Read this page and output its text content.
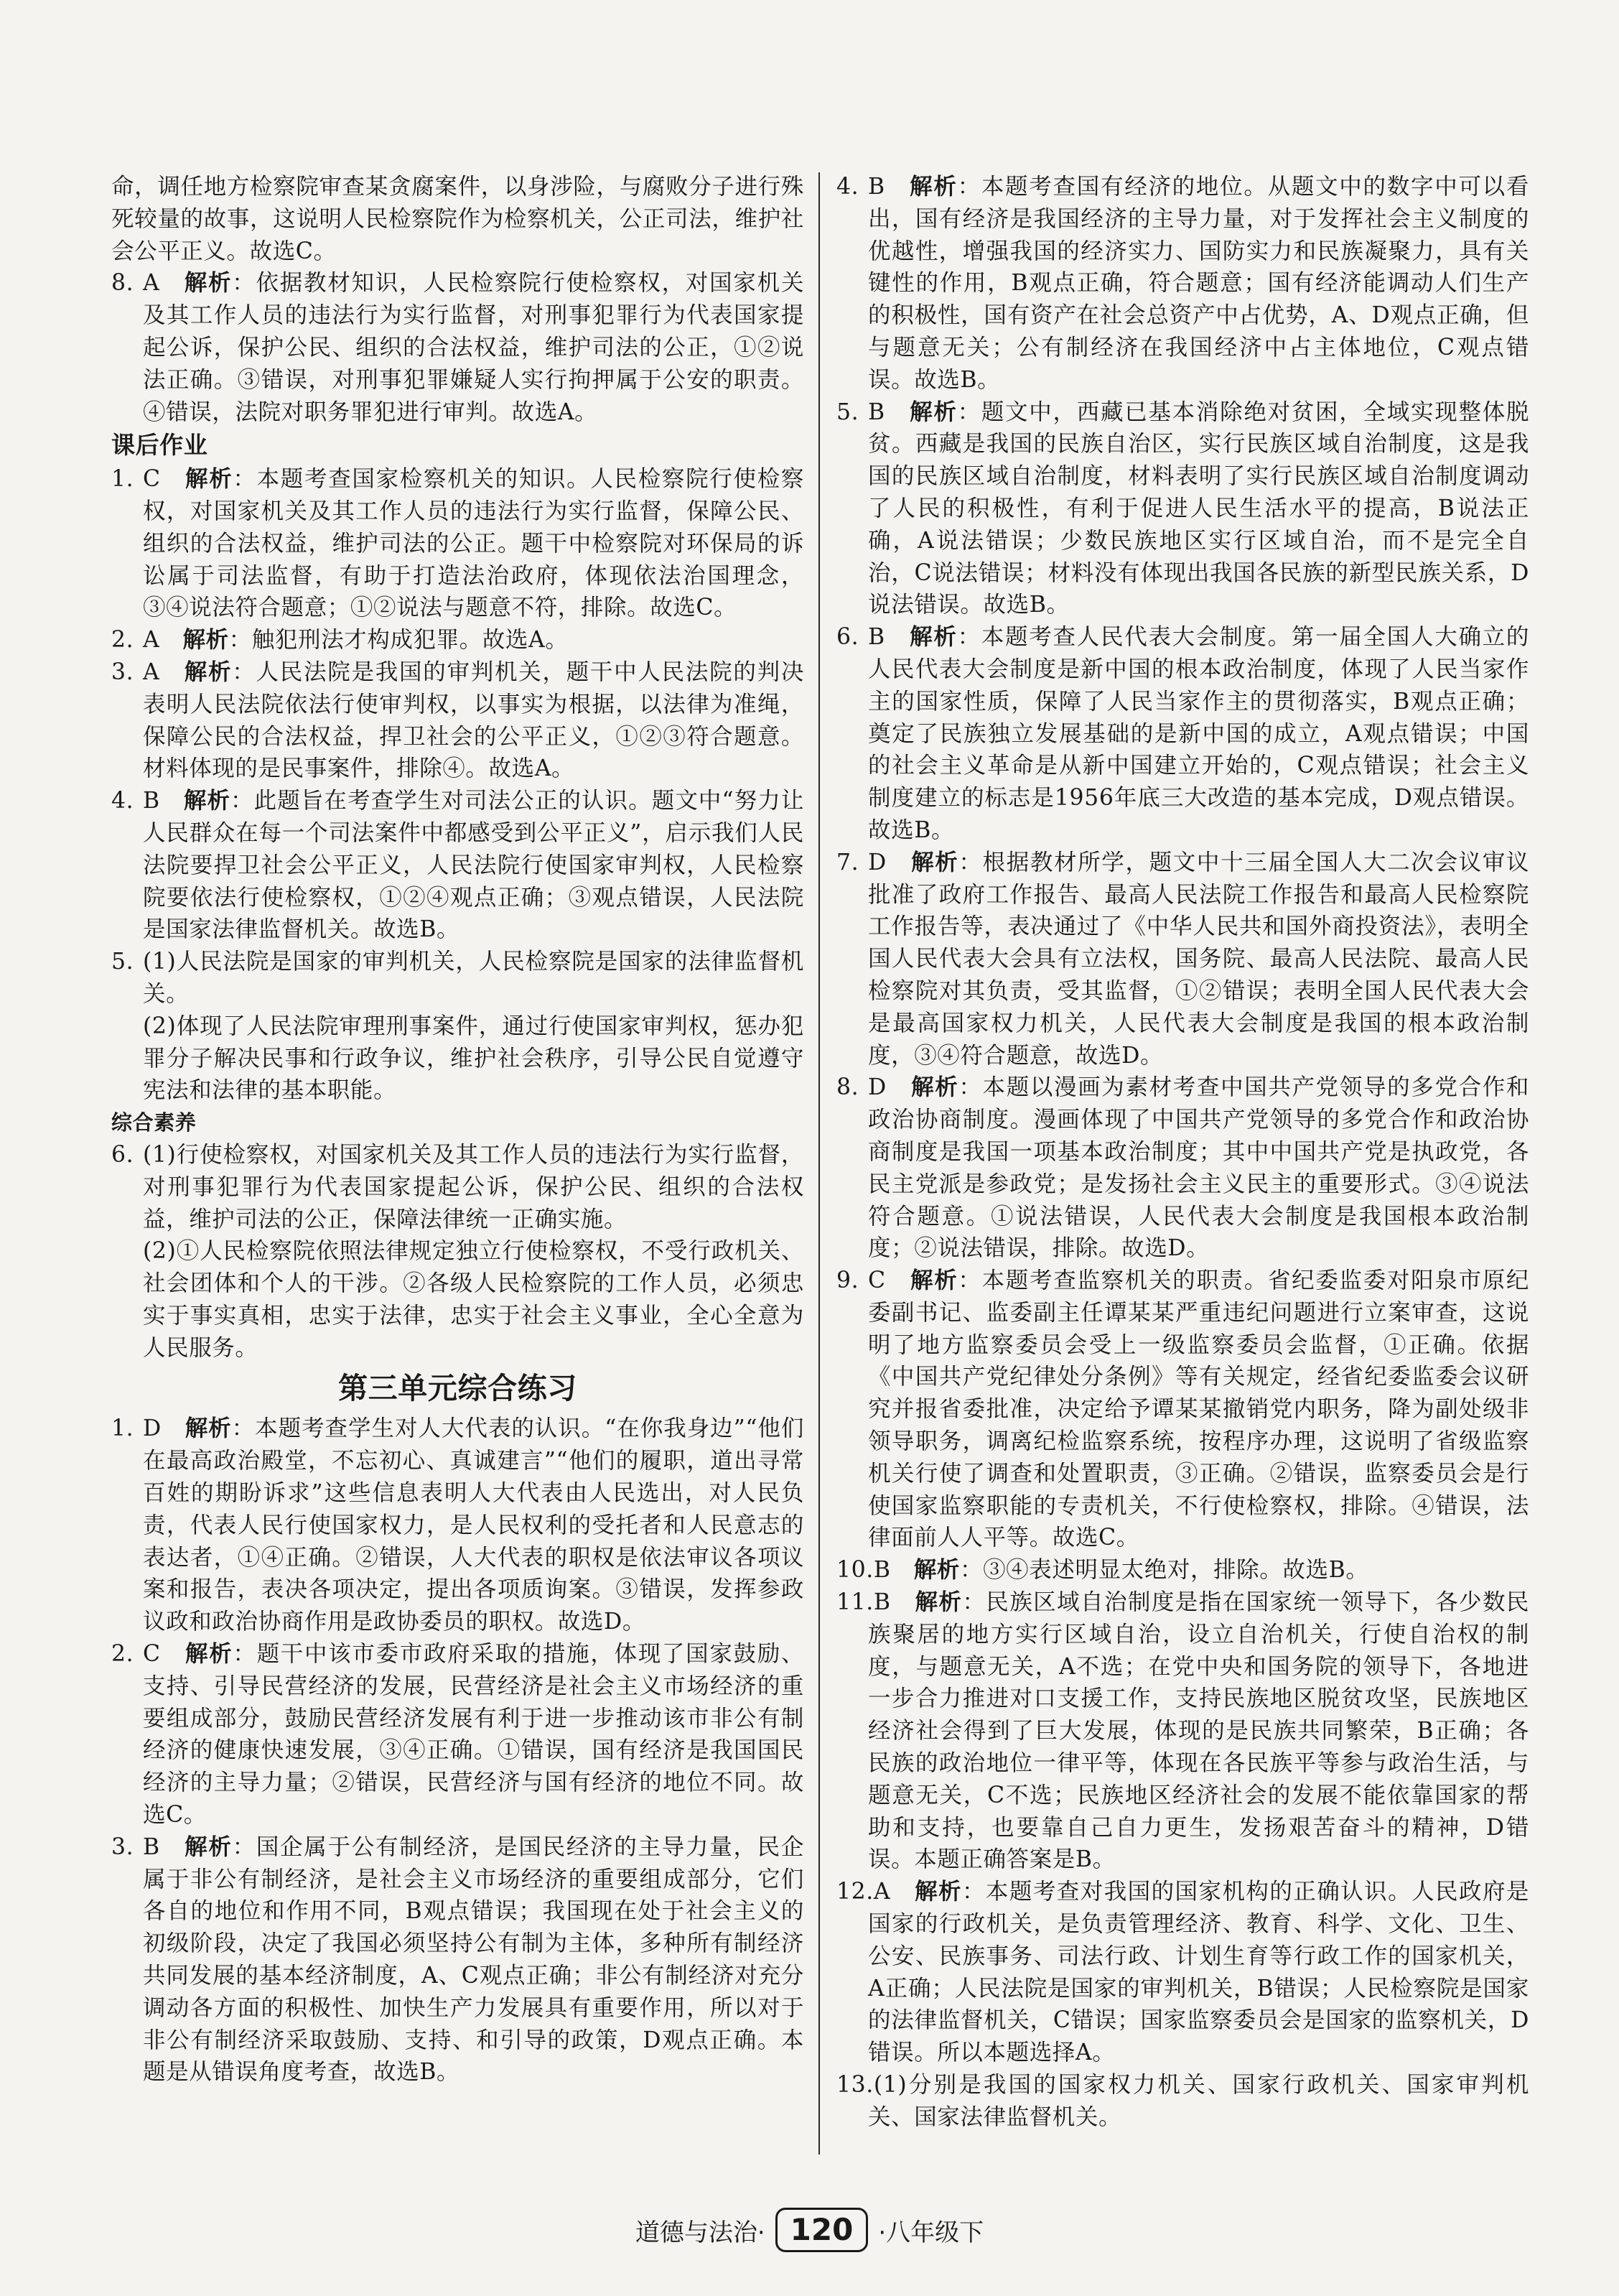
命，调任地方检察院审查某贪腐案件，以身涉险，与腐败分子进行殊死较量的故事，这说明人民检察院作为检察机关，公正司法，维护社会公平正义。故选C。

8. A　 解析：依据教材知识，人民检察院行使检察权，对国家机关及其工作人员的违法行为实行监督，对刑事犯罪行为代表国家提起公诉，保护公民、组织的合法权益，维护司法的公正，①②说法正确。③错误，对刑事犯罪嫌疑人实行拘押属于公安的职责。④错误，法院对职务罪犯进行审判。故选A。

课后作业

1. C　 解析：本题考查国家检察机关的知识。人民检察院行使检察权，对国家机关及其工作人员的违法行为实行监督，保障公民、组织的合法权益，维护司法的公正。题干中检察院对环保局的诉讼属于司法监督，有助于打造法治政府，体现依法治国理念，③④说法符合题意；①②说法与题意不符，排除。故选C。

2. A　 解析：触犯刑法才构成犯罪。故选A。

3. A　 解析：人民法院是我国的审判机关，题干中人民法院的判决表明人民法院依法行使审判权，以事实为根据，以法律为准绳，保障公民的合法权益，捍卫社会的公平正义，①②③符合题意。材料体现的是民事案件，排除④。故选A。

4. B　 解析：此题旨在考查学生对司法公正的认识。题文中“努力让人民群众在每一个司法案件中都感受到公平正义”，启示我们人民法院要捍卫社会公平正义，人民法院行使国家审判权，人民检察院要依法行使检察权，①②④观点正确；③观点错误，人民法院是国家法律监督机关。故选B。

5. (1)人民法院是国家的审判机关，人民检察院是国家的法律监督机关。

(2)体现了人民法院审理刑事案件，通过行使国家审判权，惩办犯罪分子解决民事和行政争议，维护社会秩序，引导公民自觉遵守宪法和法律的基本职能。

综合素养

6. (1)行使检察权，对国家机关及其工作人员的违法行为实行监督，对刑事犯罪行为代表国家提起公诉，保护公民、组织的合法权益，维护司法的公正，保障法律统一正确实施。

(2)①人民检察院依照法律规定独立行使检察权，不受行政机关、社会团体和个人的干涉。②各级人民检察院的工作人员，必须忠实于事实真相，忠实于法律，忠实于社会主义事业，全心全意为人民服务。

第三单元综合练习

1. D　 解析：本题考查学生对人大代表的认识。“在你我身边”“他们在最高政治殿堂，不忘初心、真诚建言”“他们的履职，道出寻常百姓的期盼诉求”这些信息表明人大代表由人民选出，对人民负责，代表人民行使国家权力，是人民权利的受托者和人民意志的表达者，①④正确。②错误，人大代表的职权是依法审议各项议案和报告，表决各项决定，提出各项质询案。③错误，发挥参政议政和政治协商作用是政协委员的职权。故选D。

2. C　 解析：题干中该市委市政府采取的措施，体现了国家鼓励、支持、引导民营经济的发展，民营经济是社会主义市场经济的重要组成部分，鼓励民营经济发展有利于进一步推动该市非公有制经济的健康快速发展，③④正确。①错误，国有经济是我国国民经济的主导力量；②错误，民营经济与国有经济的地位不同。故选C。

3. B　 解析：国企属于公有制经济，是国民经济的主导力量，民企属于非公有制经济，是社会主义市场经济的重要组成部分，它们各自的地位和作用不同，B观点错误；我国现在处于社会主义的初级阶段，决定了我国必须坚持公有制为主体，多种所有制经济共同发展的基本经济制度，A、C观点正确；非公有制经济对充分调动各方面的积极性、加快生产力发展具有重要作用，所以对于非公有制经济采取鼓励、支持、和引导的政策，D观点正确。本题是从错误角度考查，故选B。

4. B　 解析：本题考查国有经济的地位。从题文中的数字中可以看出，国有经济是我国经济的主导力量，对于发挥社会主义制度的优越性，增强我国的经济实力、国防实力和民族凝聚力，具有关键性的作用，B观点正确，符合题意；国有经济能调动人们生产的积极性，国有资产在社会总资产中占优势，A、D观点正确，但与题意无关；公有制经济在我国经济中占主体地位，C观点错误。故选B。

5. B　 解析：题文中，西藏已基本消除绝对贫困，全域实现整体脱贫。西藏是我国的民族自治区，实行民族区域自治制度，这是我国的民族区域自治制度，材料表明了实行民族区域自治制度调动了人民的积极性，有利于促进人民生活水平的提高，B说法正确，A说法错误；少数民族地区实行区域自治，而不是完全自治，C说法错误；材料没有体现出我国各民族的新型民族关系，D说法错误。故选B。

6. B　 解析：本题考查人民代表大会制度。第一届全国人大确立的人民代表大会制度是新中国的根本政治制度，体现了人民当家作主的国家性质，保障了人民当家作主的贯彻落实，B观点正确；奠定了民族独立发展基础的是新中国的成立，A观点错误；中国的社会主义革命是从新中国建立开始的，C观点错误；社会主义制度建立的标志是1956年底三大改造的基本完成，D观点错误。故选B。

7. D　 解析：根据教材所学，题文中十三届全国人大二次会议审议批准了政府工作报告、最高人民法院工作报告和最高人民检察院工作报告等，表决通过了《中华人民共和国外商投资法》，表明全国人民代表大会具有立法权，国务院、最高人民法院、最高人民检察院对其负责，受其监督，①②错误；表明全国人民代表大会是最高国家权力机关，人民代表大会制度是我国的根本政治制度，③④符合题意，故选D。

8. D　 解析：本题以漫画为素材考查中国共产党领导的多党合作和政治协商制度。漫画体现了中国共产党领导的多党合作和政治协商制度是我国一项基本政治制度；其中中国共产党是执政党，各民主党派是参政党；是发扬社会主义民主的重要形式。③④说法符合题意。①说法错误，人民代表大会制度是我国根本政治制度；②说法错误，排除。故选D。

9. C　 解析：本题考查监察机关的职责。省纪委监委对阳泉市原纪委副书记、监委副主任谭某某严重违纪问题进行立案审查，这说明了地方监察委员会受上一级监察委员会监督，①正确。依据《中国共产党纪律处分条例》等有关规定，经省纪委监委会议研究并报省委批准，决定给予谭某某撤销党内职务，降为副处级非领导职务，调离纪检监察系统，按程序办理，这说明了省级监察机关行使了调查和处置职责，③正确。②错误，监察委员会是行使国家监察职能的专责机关，不行使检察权，排除。④错误，法律面前人人平等。故选C。

10.B　 解析：③④表述明显太绝对，排除。故选B。

11.B　 解析：民族区域自治制度是指在国家统一领导下，各少数民族聚居的地方实行区域自治，设立自治机关，行使自治权的制度，与题意无关，A不选；在党中央和国务院的领导下，各地进一步合力推进对口支援工作，支持民族地区脱贫攻坚，民族地区经济社会得到了巨大发展，体现的是民族共同繁荣，B正确；各民族的政治地位一律平等，体现在各民族平等参与政治生活，与题意无关，C不选；民族地区经济社会的发展不能依靠国家的帮助和支持，也要靠自己自力更生，发扬艰苦奋斗的精神，D错误。本题正确答案是B。

12.A　 解析：本题考查对我国的国家机构的正确认识。人民政府是国家的行政机关，是负责管理经济、教育、科学、文化、卫生、公安、民族事务、司法行政、计划生育等行政工作的国家机关，A正确；人民法院是国家的审判机关，B错误；人民检察院是国家的法律监督机关，C错误；国家监察委员会是国家的监察机关，D错误。所以本题选择A。

13.(1)分别是我国的国家权力机关、国家行政机关、国家审判机关、国家法律监督机关。

道德与法治· 120	·八年级下
